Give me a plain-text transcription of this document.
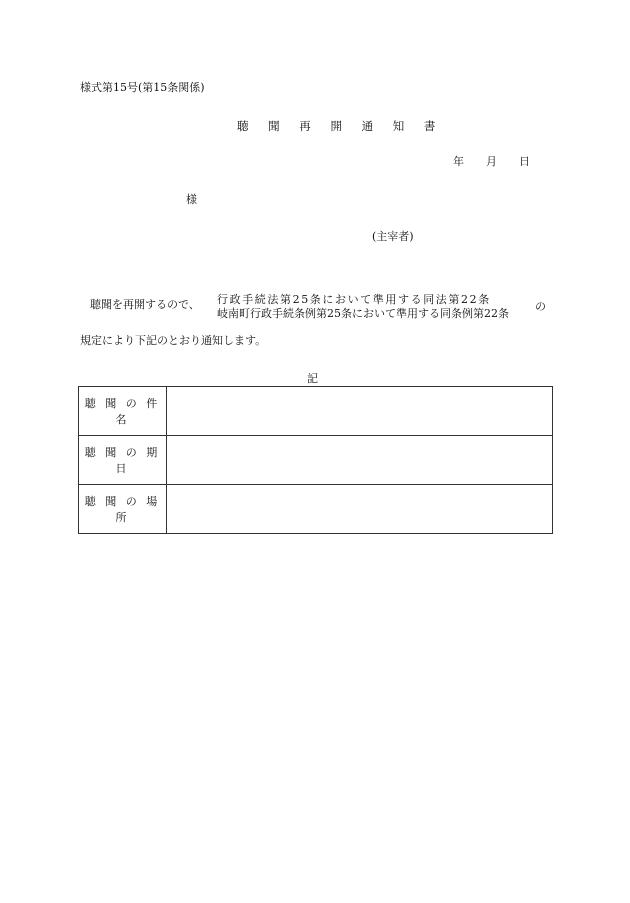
様式第15号(第15条関係)
聴 聞 再 開 通 知 書
年 月 日
様
(主宰者)
聴聞を再開するので、 行政手続法第25条において準用する同法第22条
岐南町行政手続条例第25条において準用する同条例第22条
の
規定により下記のとおり通知します。
記
聴 聞 の 件 名	
聴 聞 の 期 日	
聴 聞 の 場 所	
